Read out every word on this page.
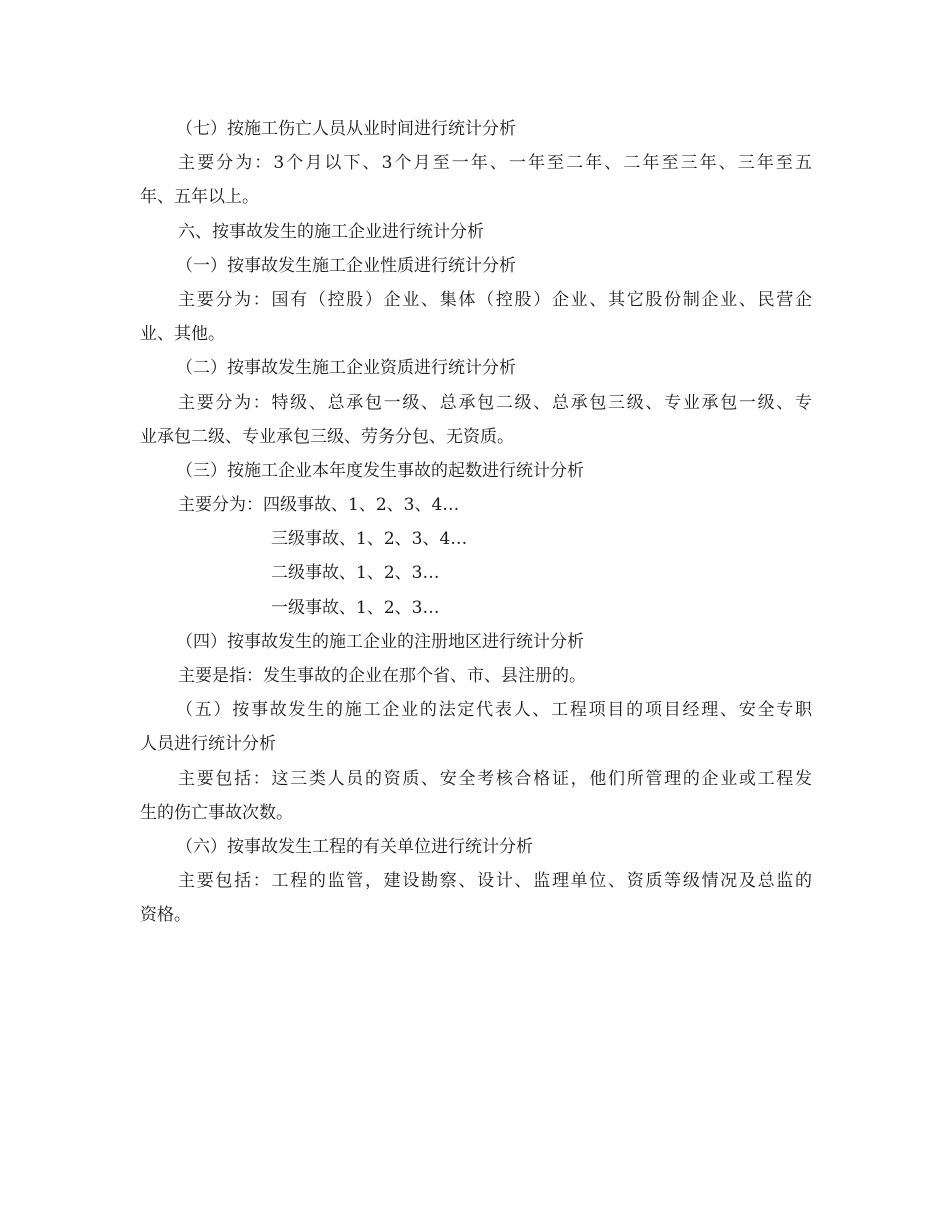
（七）按施工伤亡人员从业时间进行统计分析
主要分为：3个月以下、3个月至一年、一年至二年、二年至三年、三年至五
年、五年以上。
六、按事故发生的施工企业进行统计分析
（一）按事故发生施工企业性质进行统计分析
主要分为：国有（控股）企业、集体（控股）企业、其它股份制企业、民营企
业、其他。
（二）按事故发生施工企业资质进行统计分析
主要分为：特级、总承包一级、总承包二级、总承包三级、专业承包一级、专
业承包二级、专业承包三级、劳务分包、无资质。
（三）按施工企业本年度发生事故的起数进行统计分析
主要分为：四级事故、1、2、3、4…
三级事故、1、2、3、4…
二级事故、1、2、3…
一级事故、1、2、3…
（四）按事故发生的施工企业的注册地区进行统计分析
主要是指：发生事故的企业在那个省、市、县注册的。
（五）按事故发生的施工企业的法定代表人、工程项目的项目经理、安全专职
人员进行统计分析
主要包括：这三类人员的资质、安全考核合格证，他们所管理的企业或工程发
生的伤亡事故次数。
（六）按事故发生工程的有关单位进行统计分析
主要包括：工程的监管，建设勘察、设计、监理单位、资质等级情况及总监的
资格。
